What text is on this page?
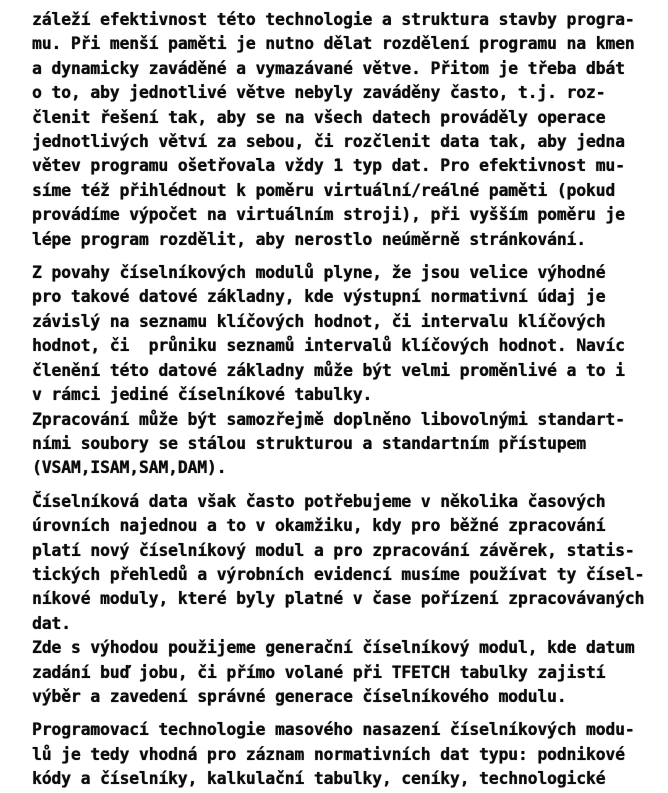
záleží efektivnost této technologie a struktura stavby progra-
mu. Při menší paměti je nutno dělat rozdělení programu na kmen
a dynamicky zaváděné a vymazávané větve. Přitom je třeba dbát
o to, aby jednotlivé větve nebyly zaváděny často, t.j. roz-
členit řešení tak, aby se na všech datech prováděly operace
jednotlivých větví za sebou, či rozčlenit data tak, aby jedna
větev programu ošetřovala vždy 1 typ dat. Pro efektivnost mu-
síme též přihlédnout k poměru virtuální/reálné paměti (pokud
provádíme výpočet na virtuálním stroji), při vyšším poměru je
lépe program rozdělit, aby nerostlo neúměrně stránkování.
Z povahy číselníkových modulů plyne, že jsou velice výhodné
pro takové datové základny, kde výstupní normativní údaj je
závislý na seznamu klíčových hodnot, či intervalu klíčových
hodnot, či  průniku seznamů intervalů klíčových hodnot. Navíc
členění této datové základny může být velmi proměnlivé a to i
v rámci jediné číselníkové tabulky.
Zpracování může být samozřejmě doplněno libovolnými standart-
ními soubory se stálou strukturou a standartním přístupem
(VSAM,ISAM,SAM,DAM).
Číselníková data však často potřebujeme v několika časových
úrovních najednou a to v okamžiku, kdy pro běžné zpracování
platí nový číselníkový modul a pro zpracování závěrek, statis-
tických přehledů a výrobních evidencí musíme používat ty čísel-
níkové moduly, které byly platné v čase pořízení zpracovávaných
dat.
Zde s výhodou použijeme generační číselníkový modul, kde datum
zadání buď jobu, či přímo volané při TFETCH tabulky zajistí
výběr a zavedení správné generace číselníkového modulu.
Programovací technologie masového nasazení číselníkových modu-
lů je tedy vhodná pro záznam normativních dat typu: podnikové
kódy a číselníky, kalkulační tabulky, ceníky, technologické
